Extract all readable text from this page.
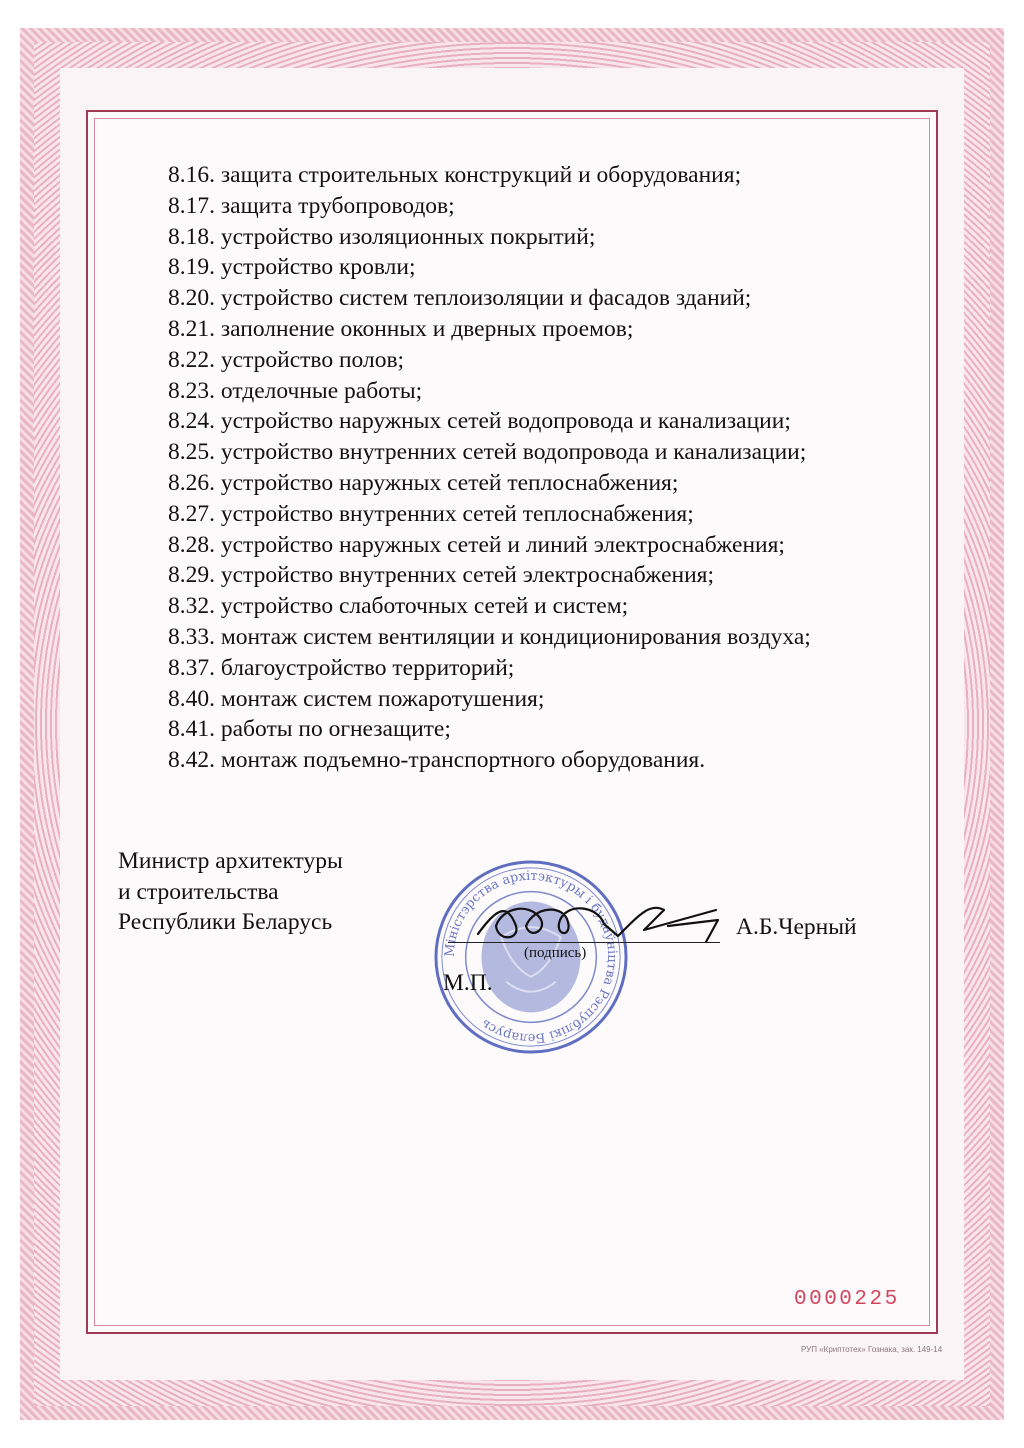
8.16. защита строительных конструкций и оборудования;
8.17. защита трубопроводов;
8.18. устройство изоляционных покрытий;
8.19. устройство кровли;
8.20. устройство систем теплоизоляции и фасадов зданий;
8.21. заполнение оконных и дверных проемов;
8.22. устройство полов;
8.23. отделочные работы;
8.24. устройство наружных сетей водопровода и канализации;
8.25. устройство внутренних сетей водопровода и канализации;
8.26. устройство наружных сетей теплоснабжения;
8.27. устройство внутренних сетей теплоснабжения;
8.28. устройство наружных сетей и линий электроснабжения;
8.29. устройство внутренних сетей электроснабжения;
8.32. устройство слаботочных сетей и систем;
8.33. монтаж систем вентиляции и кондиционирования воздуха;
8.37. благоустройство территорий;
8.40. монтаж систем пожаротушения;
8.41. работы по огнезащите;
8.42. монтаж подъемно-транспортного оборудования.
Министр архитектуры
и строительства
Республики Беларусь
Міністэрства архітэктуры і будаўніцтва Рэспублікі Беларусь
(подпись)
А.Б.Черный
М.П.
0000225
РУП «Криптотех» Гознака, зак. 149-14
